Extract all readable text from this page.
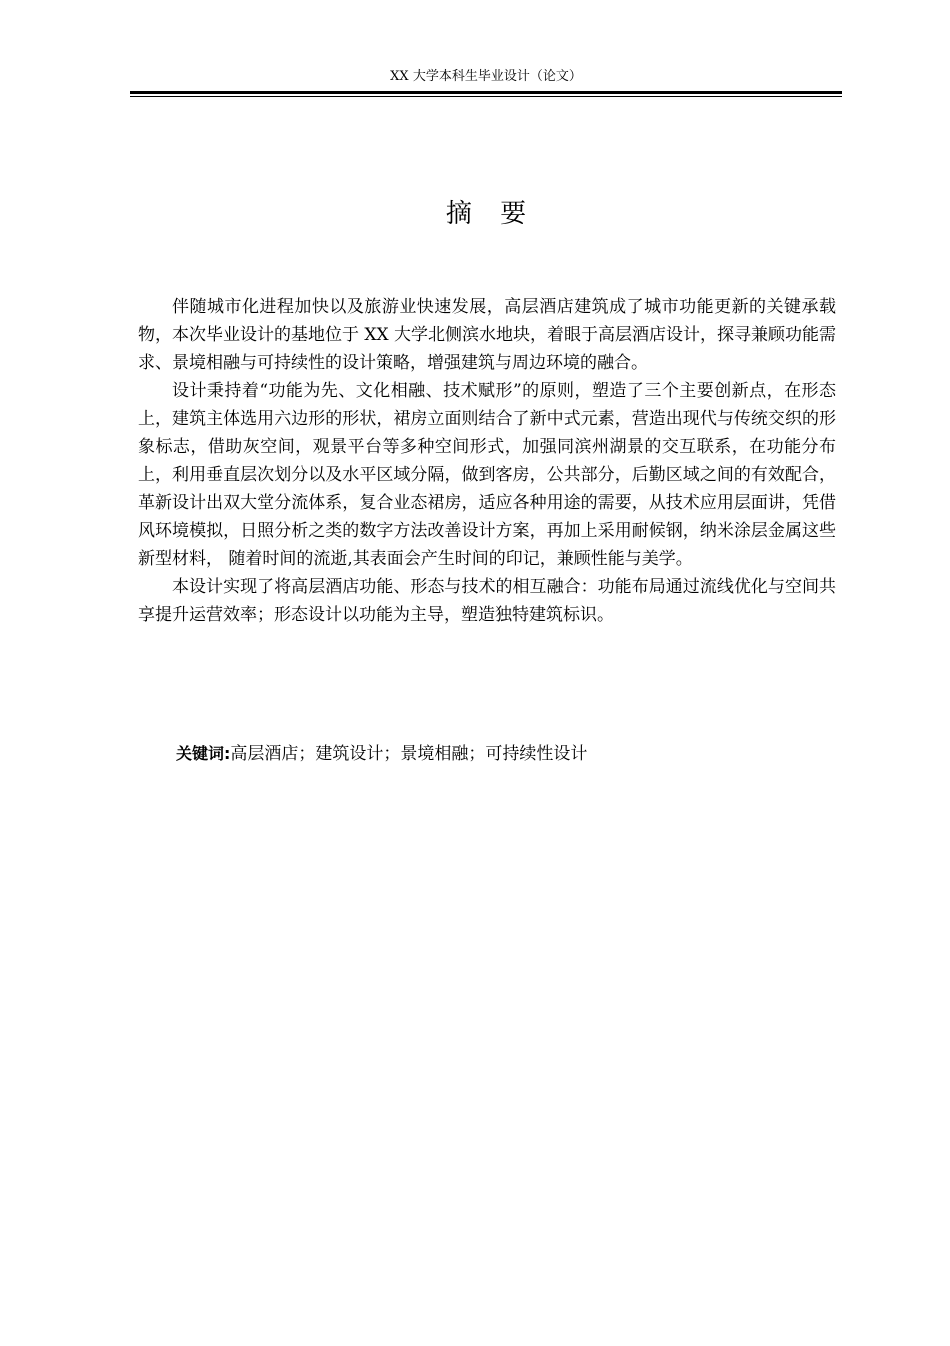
XX 大学本科生毕业设计（论文）
摘 要

伴随城市化进程加快以及旅游业快速发展，高层酒店建筑成了城市功能更新的关键承载物，本次毕业设计的基地位于 XX 大学北侧滨水地块，着眼于高层酒店设计，探寻兼顾功能需求、景境相融与可持续性的设计策略，增强建筑与周边环境的融合。

设计秉持着“功能为先、文化相融、技术赋形”的原则，塑造了三个主要创新点，在形态上，建筑主体选用六边形的形状，裙房立面则结合了新中式元素，营造出现代与传统交织的形象标志，借助灰空间，观景平台等多种空间形式，加强同滨州湖景的交互联系，在功能分布上，利用垂直层次划分以及水平区域分隔，做到客房，公共部分，后勤区域之间的有效配合，革新设计出双大堂分流体系，复合业态裙房，适应各种用途的需要，从技术应用层面讲，凭借风环境模拟，日照分析之类的数字方法改善设计方案，再加上采用耐候钢，纳米涂层金属这些新型材料， 随着时间的流逝,其表面会产生时间的印记，兼顾性能与美学。

本设计实现了将高层酒店功能、形态与技术的相互融合：功能布局通过流线优化与空间共享提升运营效率；形态设计以功能为主导，塑造独特建筑标识。

关键词:高层酒店；建筑设计；景境相融；可持续性设计
